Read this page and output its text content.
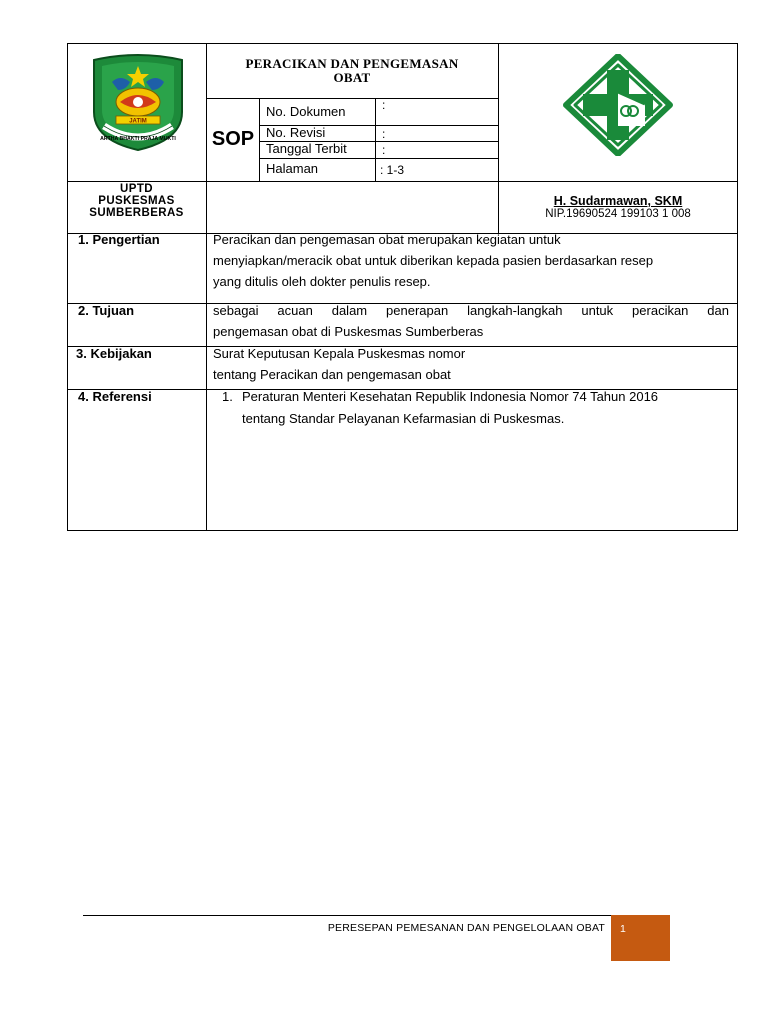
JATIM
ARTHA BHAKTI PRAJA MUKTI
PERACIKAN DAN PENGEMASAN
OBAT
SOP
No. Dokumen	:
No. Revisi	:
Tanggal Terbit	:
Halaman	: 1-3
UPTD
PUSKESMAS
SUMBERBERAS
H. Sudarmawan, SKM
NIP.19690524 199103 1 008
1. Pengertian	Peracikan dan pengemasan obat merupakan kegiatan untuk
menyiapkan/meracik obat untuk diberikan kepada pasien berdasarkan resep
yang ditulis oleh dokter penulis resep.
2. Tujuan	sebagai acuan dalam penerapan langkah-langkah untuk peracikan dan
pengemasan obat di Puskesmas Sumberberas
3. Kebijakan	Surat Keputusan Kepala Puskesmas nomor
tentang Peracikan dan pengemasan obat
4. Referensi	1. Peraturan Menteri Kesehatan Republik Indonesia Nomor 74 Tahun 2016
tentang Standar Pelayanan Kefarmasian di Puskesmas.
PERESEPAN PEMESANAN DAN PENGELOLAAN OBAT 1
